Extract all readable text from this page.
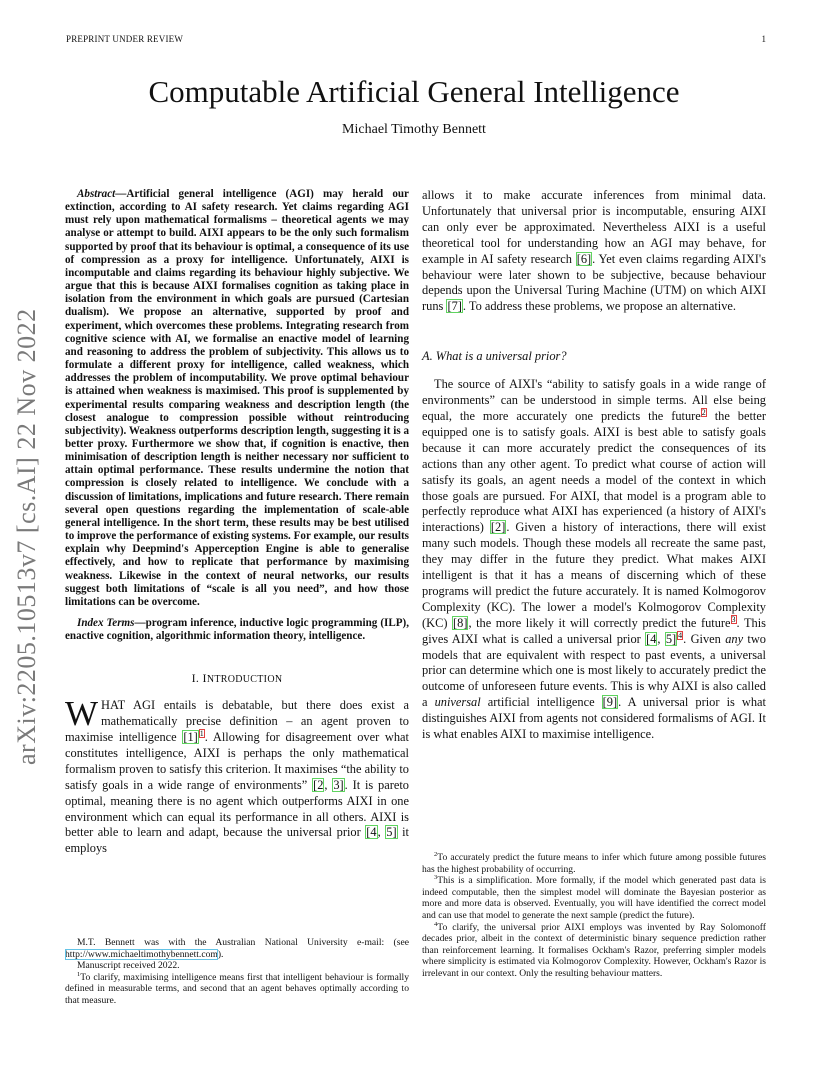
PREPRINT UNDER REVIEW	1
Computable Artificial General Intelligence
Michael Timothy Bennett
arXiv:2205.10513v7 [cs.AI] 22 Nov 2022

Abstract—Artificial general intelligence (AGI) may herald our extinction, according to AI safety research. Yet claims regarding AGI must rely upon mathematical formalisms – theoretical agents we may analyse or attempt to build. AIXI appears to be the only such formalism supported by proof that its behaviour is optimal, a consequence of its use of compression as a proxy for intelligence. Unfortunately, AIXI is incomputable and claims regarding its behaviour highly subjective. We argue that this is because AIXI formalises cognition as taking place in isolation from the environment in which goals are pursued (Cartesian dualism). We propose an alternative, supported by proof and experiment, which overcomes these problems. Integrating research from cognitive science with AI, we formalise an enactive model of learning and reasoning to address the problem of subjectivity. This allows us to formulate a different proxy for intelligence, called weakness, which addresses the problem of incomputability. We prove optimal behaviour is attained when weakness is maximised. This proof is supplemented by experimental results comparing weakness and description length (the closest analogue to compression possible without reintroducing subjectivity). Weakness outperforms description length, suggesting it is a better proxy. Furthermore we show that, if cognition is enactive, then minimisation of description length is neither necessary nor sufficient to attain optimal performance. These results undermine the notion that compression is closely related to intelligence. We conclude with a discussion of limitations, implications and future research. There remain several open questions regarding the implementation of scale-able general intelligence. In the short term, these results may be best utilised to improve the performance of existing systems. For example, our results explain why Deepmind's Apperception Engine is able to generalise effectively, and how to replicate that performance by maximising weakness. Likewise in the context of neural networks, our results suggest both limitations of “scale is all you need”, and how those limitations can be overcome.

Index Terms—program inference, inductive logic programming (ILP), enactive cognition, algorithmic information theory, intelligence.

I. INTRODUCTION

WHAT AGI entails is debatable, but there does exist a mathematically precise definition – an agent proven to maximise intelligence [1] $^1$. Allowing for disagreement over what constitutes intelligence, AIXI is perhaps the only mathematical formalism proven to satisfy this criterion. It maximises “the ability to satisfy goals in a wide range of environments” [2, 3]. It is pareto optimal, meaning there is no agent which outperforms AIXI in one environment which can equal its performance in all others. AIXI is better able to learn and adapt, because the universal prior [4, 5] it employs

M.T. Bennett was with the Australian National University e-mail: (see http://www.michaeltimothybennett.com).

Manuscript received 2022.

$^1$To clarify, maximising intelligence means first that intelligent behaviour is formally defined in measurable terms, and second that an agent behaves optimally according to that measure.

allows it to make accurate inferences from minimal data. Unfortunately that universal prior is incomputable, ensuring AIXI can only ever be approximated. Nevertheless AIXI is a useful theoretical tool for understanding how an AGI may behave, for example in AI safety research [6]. Yet even claims regarding AIXI's behaviour were later shown to be subjective, because behaviour depends upon the Universal Turing Machine (UTM) on which AIXI runs [7]. To address these problems, we propose an alternative.

A. What is a universal prior?

The source of AIXI's “ability to satisfy goals in a wide range of environments” can be understood in simple terms. All else being equal, the more accurately one predicts the future$^2$ the better equipped one is to satisfy goals. AIXI is best able to satisfy goals because it can more accurately predict the consequences of its actions than any other agent. To predict what course of action will satisfy its goals, an agent needs a model of the context in which those goals are pursued. For AIXI, that model is a program able to perfectly reproduce what AIXI has experienced (a history of AIXI's interactions) [2]. Given a history of interactions, there will exist many such models. Though these models all recreate the same past, they may differ in the future they predict. What makes AIXI intelligent is that it has a means of discerning which of these programs will predict the future accurately. It is named Kolmogorov Complexity (KC). The lower a model's Kolmogorov Complexity (KC) [8], the more likely it will correctly predict the future$^3$. This gives AIXI what is called a universal prior [4, 5] $^4$. Given any two models that are equivalent with respect to past events, a universal prior can determine which one is most likely to accurately predict the outcome of unforeseen future events. This is why AIXI is also called a universal artificial intelligence [9]. A universal prior is what distinguishes AIXI from agents not considered formalisms of AGI. It is what enables AIXI to maximise intelligence.

$^2$To accurately predict the future means to infer which future among possible futures has the highest probability of occurring.

$^3$This is a simplification. More formally, if the model which generated past data is indeed computable, then the simplest model will dominate the Bayesian posterior as more and more data is observed. Eventually, you will have identified the correct model and can use that model to generate the next sample (predict the future).

$^4$To clarify, the universal prior AIXI employs was invented by Ray Solomonoff decades prior, albeit in the context of deterministic binary sequence prediction rather than reinforcement learning. It formalises Ockham's Razor, preferring simpler models where simplicity is estimated via Kolmogorov Complexity. However, Ockham's Razor is irrelevant in our context. Only the resulting behaviour matters.
